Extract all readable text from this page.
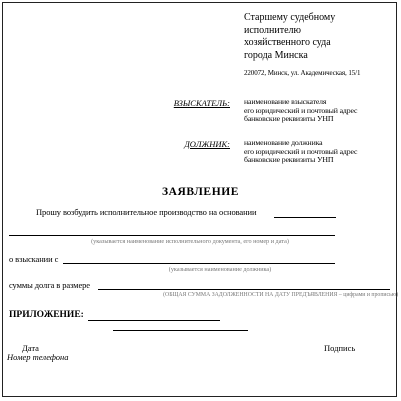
Старшему судебному
исполнителю
хозяйственного суда
города Минска
220072, Минск, ул. Академическая, 15/1
ВЗЫСКАТЕЛЬ: наименование взыскателя
его юридический и почтовый адрес
банковские реквизиты УНП
ДОЛЖНИК: наименование должника
его юридический и почтовый адрес
банковские реквизиты УНП
ЗАЯВЛЕНИЕ
Прошу возбудить исполнительное производство на основании
(указывается наименование исполнительного документа, его номер и дата)
о взыскании с
(указывается наименование должника)
суммы долга в размере
(ОБЩАЯ СУММА ЗАДОЛЖЕННОСТИ НА ДАТУ ПРЕДЪЯВЛЕНИЯ – цифрами и прописью)
ПРИЛОЖЕНИЕ:
Дата	Подпись
Номер телефона
